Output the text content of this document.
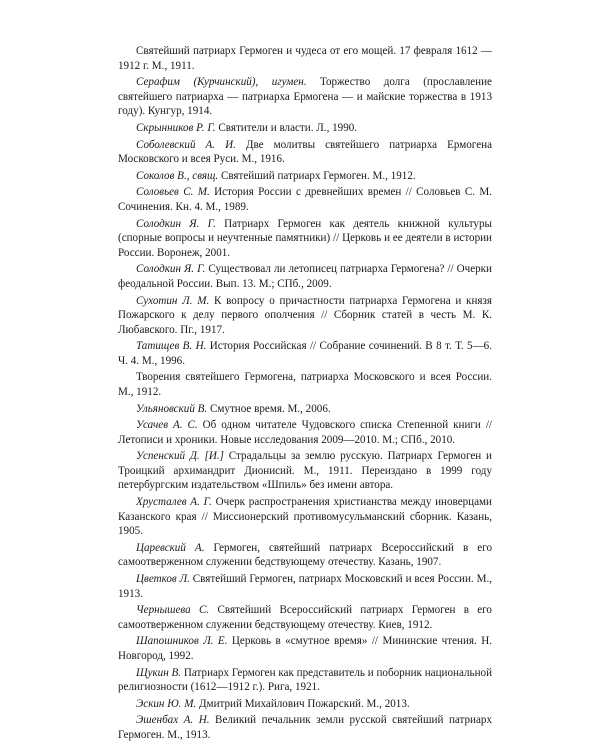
Святейший патриарх Гермоген и чудеса от его мощей. 17 февраля 1612 — 1912 г. М., 1911.

Серафим (Курчинский), игумен. Торжество долга (прославление святейшего патриарха — патриарха Ермогена — и майские торжества в 1913 году). Кунгур, 1914.

Скрынников Р. Г. Святители и власти. Л., 1990.

Соболевский А. И. Две молитвы святейшего патриарха Ермогена Московского и всея Руси. М., 1916.

Соколов В., свящ. Святейший патриарх Гермоген. М., 1912.

Соловьев С. М. История России с древнейших времен // Соловьев С. М. Сочинения. Кн. 4. М., 1989.

Солодкин Я. Г. Патриарх Гермоген как деятель книжной культуры (спорные вопросы и неучтенные памятники) // Церковь и ее деятели в истории России. Воронеж, 2001.

Солодкин Я. Г. Существовал ли летописец патриарха Гермогена? // Очерки феодальной России. Вып. 13. М.; СПб., 2009.

Сухотин Л. М. К вопросу о причастности патриарха Гермогена и князя Пожарского к делу первого ополчения // Сборник статей в честь М. К. Любавского. Пг., 1917.

Татищев В. Н. История Российская // Собрание сочинений. В 8 т. Т. 5—6. Ч. 4. М., 1996.

Творения святейшего Гермогена, патриарха Московского и всея России. М., 1912.

Ульяновский В. Смутное время. М., 2006.

Усачев А. С. Об одном читателе Чудовского списка Степенной книги // Летописи и хроники. Новые исследования 2009—2010. М.; СПб., 2010.

Успенский Д. [И.] Страдальцы за землю русскую. Патриарх Гермоген и Троицкий архимандрит Дионисий. М., 1911. Переиздано в 1999 году петербургским издательством «Шпиль» без имени автора.

Хрусталев А. Г. Очерк распространения христианства между иноверцами Казанского края // Миссионерский противомусульманский сборник. Казань, 1905.

Царевский А. Гермоген, святейший патриарх Всероссийский в его самоотверженном служении бедствующему отечеству. Казань, 1907.

Цветков Л. Святейший Гермоген, патриарх Московский и всея России. М., 1913.

Чернышева С. Святейший Всероссийский патриарх Гермоген в его самоотверженном служении бедствующему отечеству. Киев, 1912.

Шапошников Л. Е. Церковь в «смутное время» // Мининские чтения. Н. Новгород, 1992.

Щукин В. Патриарх Гермоген как представитель и поборник национальной религиозности (1612—1912 г.). Рига, 1921.

Эскин Ю. М. Дмитрий Михайлович Пожарский. М., 2013.

Эшенбах А. Н. Великий печальник земли русской святейший патриарх Гермоген. М., 1913.
